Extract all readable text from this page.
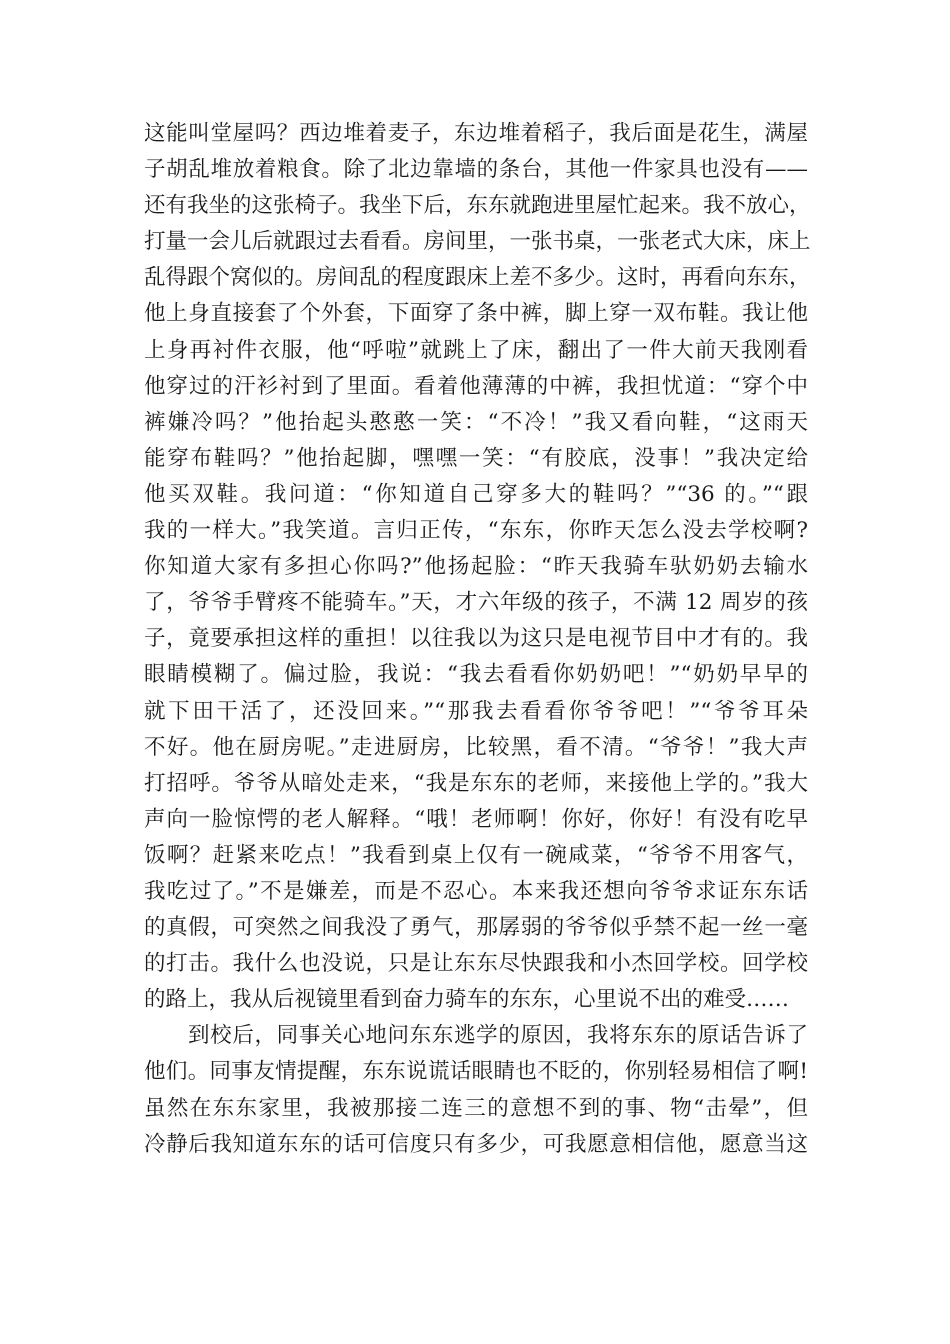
这能叫堂屋吗？西边堆着麦子，东边堆着稻子，我后面是花生，满屋
子胡乱堆放着粮食。除了北边靠墙的条台，其他一件家具也没有——
还有我坐的这张椅子。我坐下后，东东就跑进里屋忙起来。我不放心，
打量一会儿后就跟过去看看。房间里，一张书桌，一张老式大床，床上
乱得跟个窝似的。房间乱的程度跟床上差不多少。这时，再看向东东，
他上身直接套了个外套，下面穿了条中裤，脚上穿一双布鞋。我让他
上身再衬件衣服，他“呼啦”就跳上了床，翻出了一件大前天我刚看
他穿过的汗衫衬到了里面。看着他薄薄的中裤，我担忧道：“穿个中
裤嫌冷吗？”他抬起头憨憨一笑：“不冷！”我又看向鞋，“这雨天
能穿布鞋吗？”他抬起脚，嘿嘿一笑：“有胶底，没事！”我决定给
他买双鞋。我问道：“你知道自己穿多大的鞋吗？”“36 的。”“跟
我的一样大。”我笑道。言归正传，“东东，你昨天怎么没去学校啊?
你知道大家有多担心你吗?”他扬起脸：“昨天我骑车驮奶奶去输水
了，爷爷手臂疼不能骑车。”天，才六年级的孩子，不满 12 周岁的孩
子，竟要承担这样的重担！以往我以为这只是电视节目中才有的。我
眼睛模糊了。偏过脸，我说：“我去看看你奶奶吧！”“奶奶早早的
就下田干活了，还没回来。”“那我去看看你爷爷吧！”“爷爷耳朵
不好。他在厨房呢。”走进厨房，比较黑，看不清。“爷爷！”我大声
打招呼。爷爷从暗处走来，“我是东东的老师，来接他上学的。”我大
声向一脸惊愕的老人解释。“哦！老师啊！你好，你好！有没有吃早
饭啊？赶紧来吃点！”我看到桌上仅有一碗咸菜，“爷爷不用客气，
我吃过了。”不是嫌差，而是不忍心。本来我还想向爷爷求证东东话
的真假，可突然之间我没了勇气，那孱弱的爷爷似乎禁不起一丝一毫
的打击。我什么也没说，只是让东东尽快跟我和小杰回学校。回学校
的路上，我从后视镜里看到奋力骑车的东东，心里说不出的难受……
到校后，同事关心地问东东逃学的原因，我将东东的原话告诉了
他们。同事友情提醒，东东说谎话眼睛也不眨的，你别轻易相信了啊!
虽然在东东家里，我被那接二连三的意想不到的事、物“击晕”，但
冷静后我知道东东的话可信度只有多少，可我愿意相信他，愿意当这
